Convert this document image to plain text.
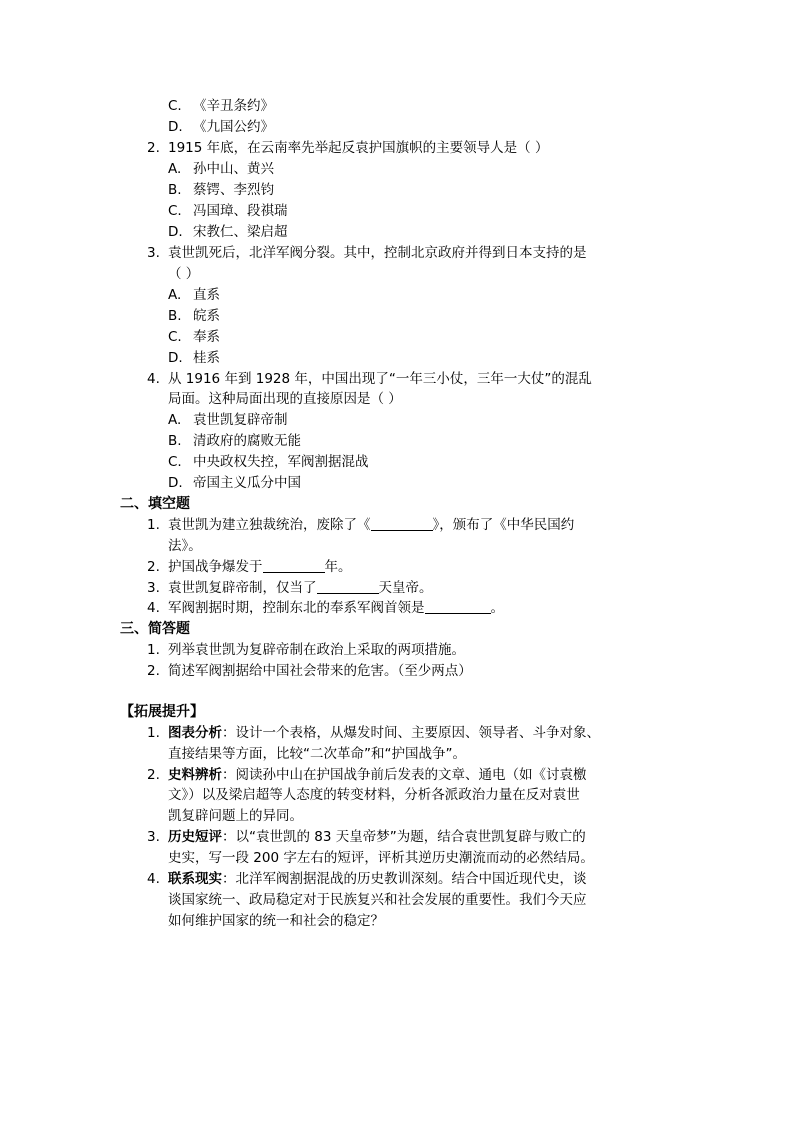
C. 《辛丑条约》
D. 《九国公约》
2. 1915 年底，在云南率先举起反袁护国旗帜的主要领导人是（ ）
A. 孙中山、黄兴
B. 蔡锷、李烈钧
C. 冯国璋、段祺瑞
D. 宋教仁、梁启超
3. 袁世凯死后，北洋军阀分裂。其中，控制北京政府并得到日本支持的是
（ ）
A. 直系
B. 皖系
C. 奉系
D. 桂系
4. 从 1916 年到 1928 年，中国出现了“一年三小仗，三年一大仗”的混乱
局面。这种局面出现的直接原因是（ ）
A. 袁世凯复辟帝制
B. 清政府的腐败无能
C. 中央政权失控，军阀割据混战
D. 帝国主义瓜分中国
二、填空题
1. 袁世凯为建立独裁统治，废除了《	》，颁布了《中华民国约
法》。
2. 护国战争爆发于	年。
3. 袁世凯复辟帝制，仅当了	天皇帝。
4. 军阀割据时期，控制东北的奉系军阀首领是	。
三、简答题
1. 列举袁世凯为复辟帝制在政治上采取的两项措施。
2. 简述军阀割据给中国社会带来的危害。（至少两点）
【拓展提升】
1. 图表分析：设计一个表格，从爆发时间、主要原因、领导者、斗争对象、
直接结果等方面，比较“二次革命”和“护国战争”。
2. 史料辨析：阅读孙中山在护国战争前后发表的文章、通电（如《讨袁檄
文》）以及梁启超等人态度的转变材料，分析各派政治力量在反对袁世
凯复辟问题上的异同。
3. 历史短评：以“袁世凯的 83 天皇帝梦”为题，结合袁世凯复辟与败亡的
史实，写一段 200 字左右的短评，评析其逆历史潮流而动的必然结局。
4. 联系现实：北洋军阀割据混战的历史教训深刻。结合中国近现代史，谈
谈国家统一、政局稳定对于民族复兴和社会发展的重要性。我们今天应
如何维护国家的统一和社会的稳定？
